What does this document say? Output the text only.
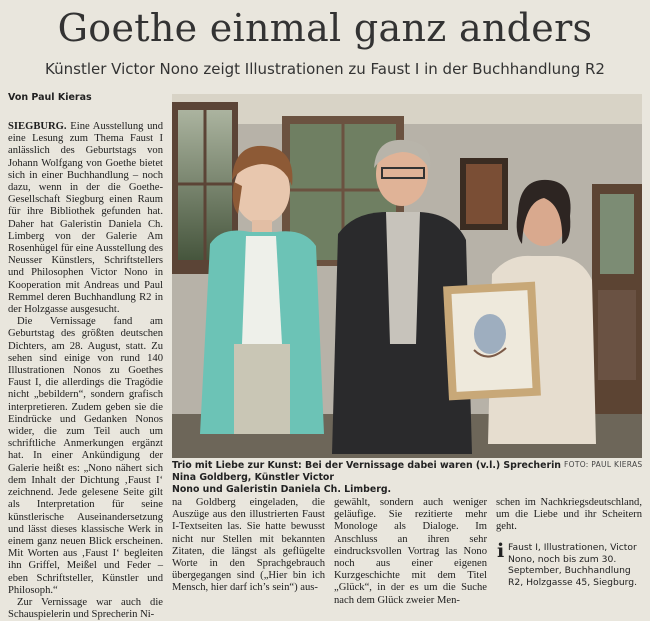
Goethe einmal ganz anders
Künstler Victor Nono zeigt Illustrationen zu Faust I in der Buchhandlung R2
Von Paul Kieras

SIEGBURG. Eine Ausstellung und eine Lesung zum Thema Faust I anlässlich des Geburtstags von Johann Wolfgang von Goethe bietet sich in einer Buchhandlung – noch dazu, wenn in der die Goethe-Gesellschaft Siegburg einen Raum für ihre Bibliothek gefunden hat. Daher hat Galeristin Daniela Ch. Limberg von der Galerie Am Rosenhügel für eine Ausstellung des Neusser Künstlers, Schriftstellers und Philosophen Victor Nono in Kooperation mit Andreas und Paul Remmel deren Buchhandlung R2 in der Holzgasse ausgesucht.

Die Vernissage fand am Geburtstag des größten deutschen Dichters, am 28. August, statt. Zu sehen sind einige von rund 140 Illustrationen Nonos zu Goethes Faust I, die allerdings die Tragödie nicht „bebildern“, sondern grafisch interpretieren. Zudem geben sie die Eindrücke und Gedanken Nonos wider, die zum Teil auch um schriftliche Anmerkungen ergänzt hat. In einer Ankündigung der Galerie heißt es: „Nono nähert sich dem Inhalt der Dichtung ‚Faust I‘ zeichnend. Jede gelesene Seite gilt als Interpretation für seine künstlerische Auseinandersetzung und lässt dieses klassische Werk in einem ganz neuen Blick erscheinen. Mit Worten aus ‚Faust I‘ begleiten ihn Griffel, Meißel und Feder – eben Schriftsteller, Künstler und Philosoph.“

Zur Vernissage war auch die Schauspielerin und Sprecherin Ni-

FOTO: PAUL KIERAS
Trio mit Liebe zur Kunst: Bei der Vernissage dabei waren (v.l.) Sprecherin Nina Goldberg, Künstler Victor
Nono und Galeristin Daniela Ch. Limberg.

na Goldberg eingeladen, die Auszüge aus den illustrierten Faust I-Textseiten las. Sie hatte bewusst nicht nur Stellen mit bekannten Zitaten, die längst als geflügelte Worte in den Sprachgebrauch übergegangen sind („Hier bin ich Mensch, hier darf ich’s sein“) aus-

gewählt, sondern auch weniger geläufige. Sie rezitierte mehr Monologe als Dialoge. Im Anschluss an ihren sehr eindrucksvollen Vortrag las Nono noch aus einer eigenen Kurzgeschichte mit dem Titel „Glück“, in der es um die Suche nach dem Glück zweier Men-

schen im Nachkriegsdeutschland, um die Liebe und ihr Scheitern geht.

i Faust I, Illustrationen, Victor Nono, noch bis zum 30. September, Buchhandlung R2, Holzgasse 45, Siegburg.
